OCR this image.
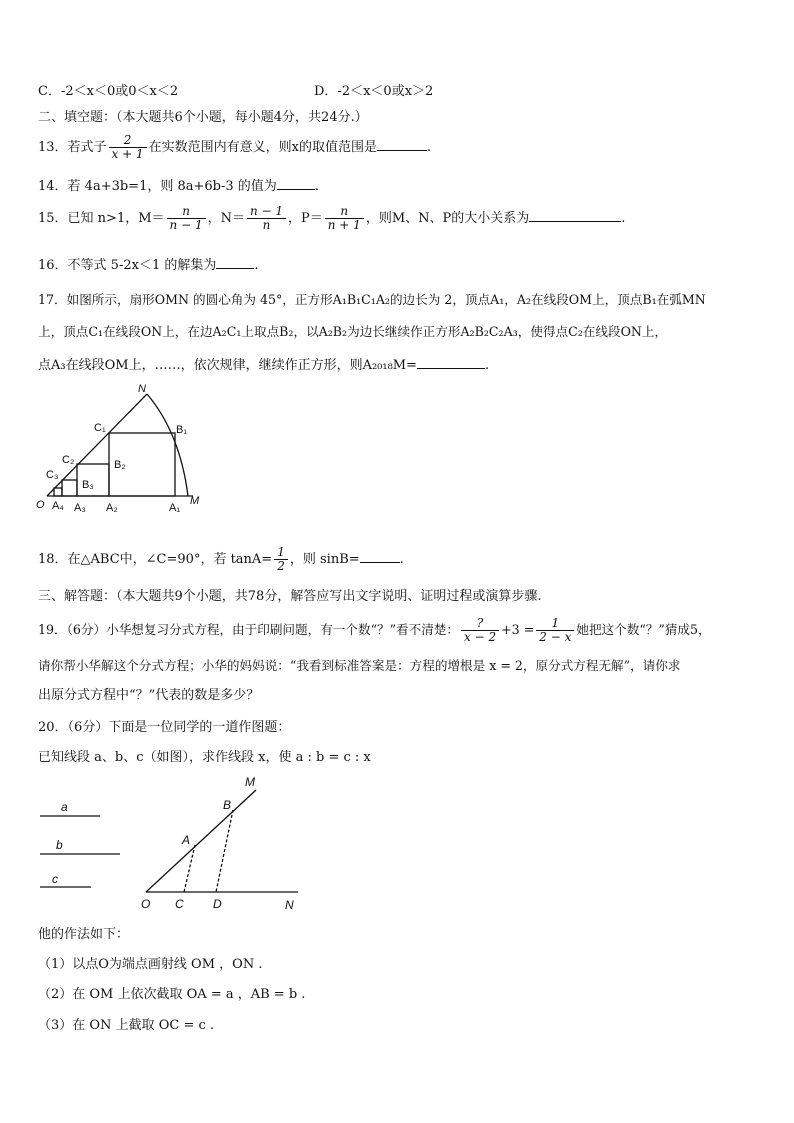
C．-2＜x＜0或0＜x＜2	D．-2＜x＜0或x＞2
二、填空题：（本大题共6个小题，每小题4分，共24分.）
13．若式子 $\frac{2}{x + 1}$ 在实数范围内有意义，则x的取值范围是	.
14．若 4a+3b=1，则 8a+6b-3 的值为	.
15．已知 n>1，$M= \frac{n}{n - 1}$ ，$N= \frac{n - 1}{n}$ ，$P= \frac{n}{n + 1}$ ，则M、N、P的大小关系为	.
16．不等式 5-2x＜1 的解集为	.
17．如图所示，扇形OMN 的圆心角为 45°，正方形A₁B₁C₁A₂的边长为 2，顶点A₁，A₂在线段OM上，顶点B₁在弧MN
上，顶点C₁在线段ON上，在边A₂C₁上取点B₂，以A₂B₂为边长继续作正方形A₂B₂C₂A₃，使得点C₂在线段ON上，
点A₃在线段OM上，……，依次规律，继续作正方形，则A₂₀₁₈M=	.
N
M
O
C₁	B₁
C₂	B₂
C₃
B₃
A₄ A₃ A₂	A₁
18．在△ABC中，∠C=90°，若 $\tan A= \frac{1}{2}$ ，则 sinB=	.
三、解答题：（本大题共9个小题，共78分，解答应写出文字说明、证明过程或演算步骤.
19．（6分）小华想复习分式方程，由于印刷问题，有一个数“？”看不清楚： $\frac{?}{x - 2} +3 = \frac{1}{2 - x}$ 她把这个数“？”猜成5，
请你帮小华解这个分式方程；小华的妈妈说：“我看到标准答案是：方程的增根是 x = 2，原分式方程无解”，请你求
出原分式方程中“？”代表的数是多少？
20．（6分）下面是一位同学的一道作图题：
已知线段 a、b、c（如图），求作线段 x，使 a : b = c : x
a
b
c
M
B
A
O C D	N
他的作法如下：
（1）以点O为端点画射线 OM ，ON .
（2）在 OM 上依次截取 OA = a ，AB = b .
（3）在 ON 上截取 OC = c .
